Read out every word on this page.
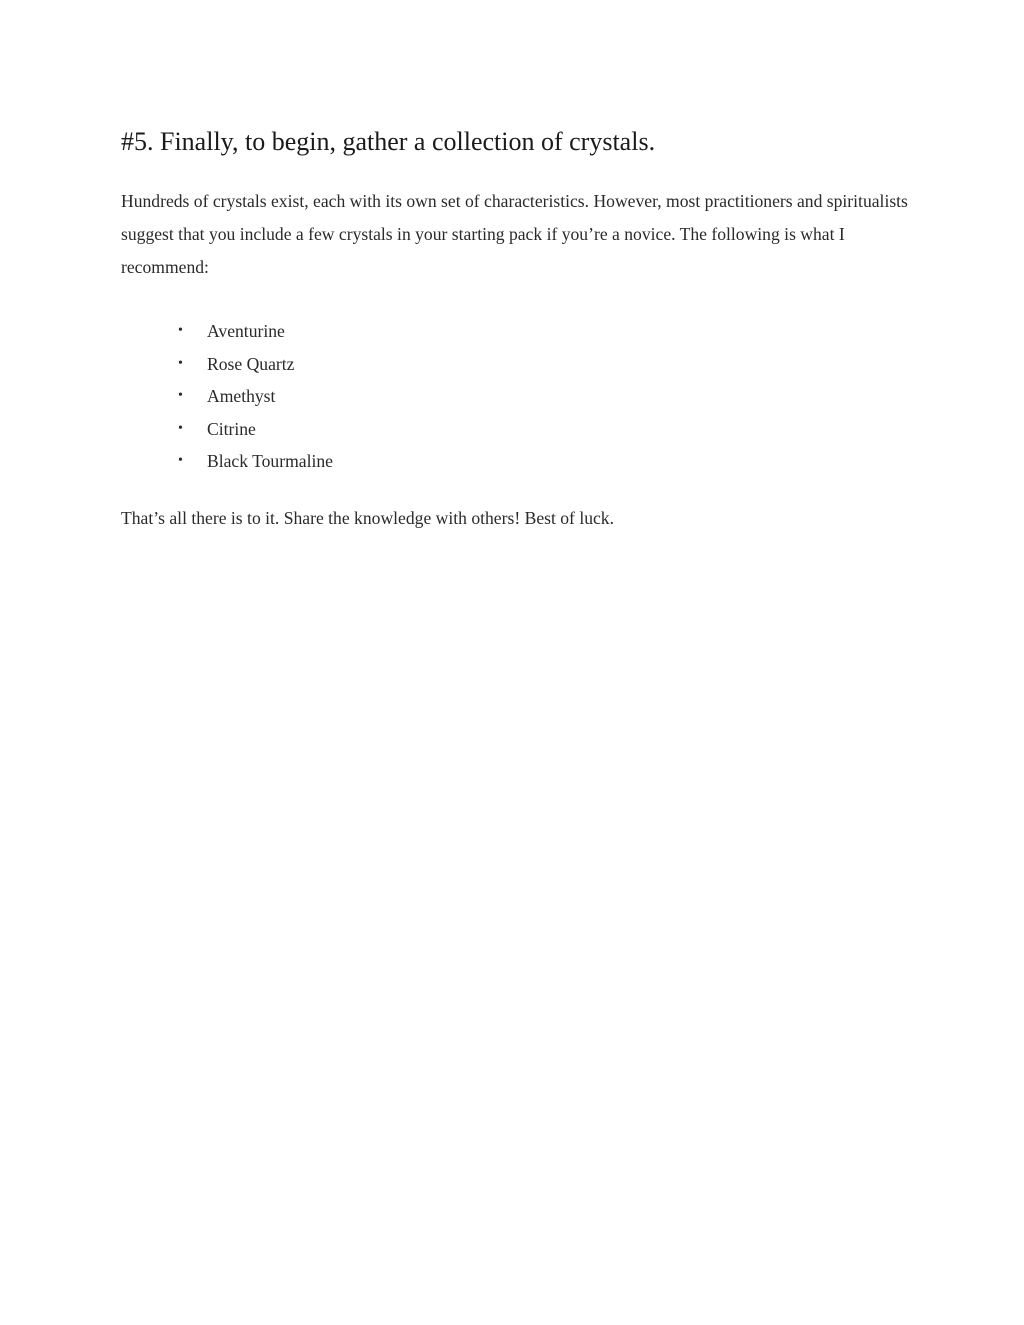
#5. Finally, to begin, gather a collection of crystals.

Hundreds of crystals exist, each with its own set of characteristics. However, most practitioners and spiritualists suggest that you include a few crystals in your starting pack if you’re a novice. The following is what I recommend:

• Aventurine
• Rose Quartz
• Amethyst
• Citrine
• Black Tourmaline

That’s all there is to it. Share the knowledge with others! Best of luck.
